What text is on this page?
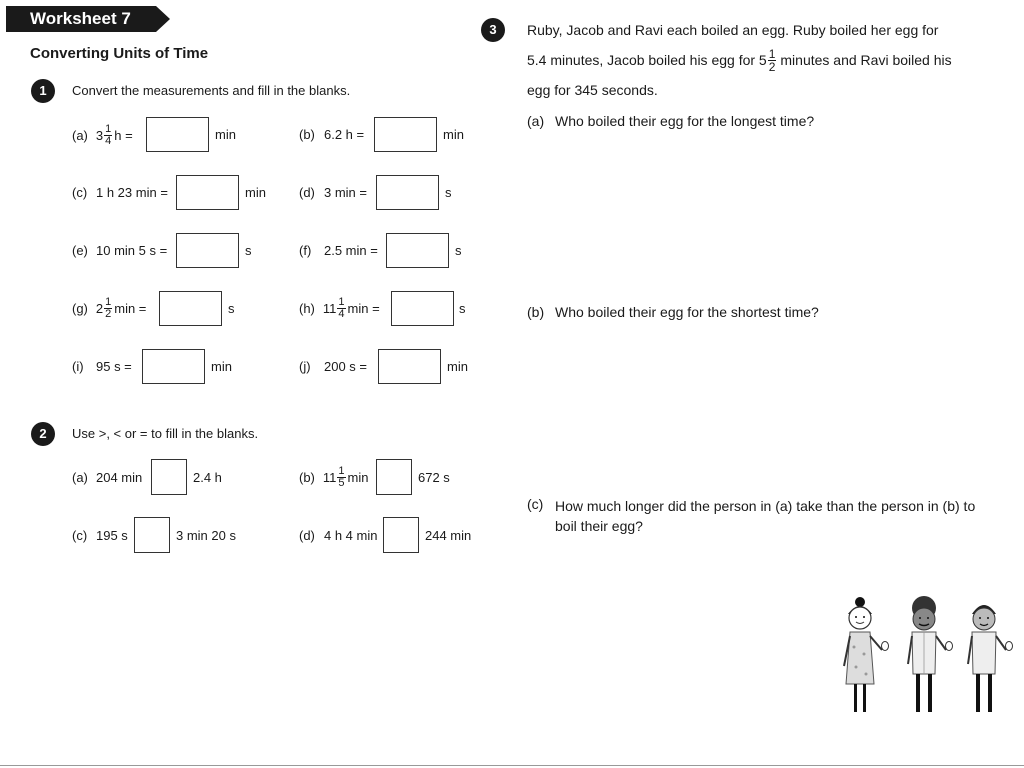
Worksheet 7
Converting Units of Time
1	Convert the measurements and fill in the blanks.
(a) $3 \frac{1}{4}$ h =	min	(b) 6.2 h =	min
(c) 1 h 23 min =	min	(d) 3 min =	s
(e) 10 min 5 s =	s	(f) 2.5 min =	s
(g) $2 \frac{1}{2}$ min =	s	(h) $11 \frac{1}{4}$ min =	s
(i) 95 s =	min	(j) 200 s =	min
2	Use >, < or = to fill in the blanks.
(a) 204 min	2.4 h	(b) $11 \frac{1}{5}$ min	672 s
(c) 195 s	3 min 20 s	(d) 4 h 4 min	244 min
3	Ruby, Jacob and Ravi each boiled an egg. Ruby boiled her egg for
5.4 minutes, Jacob boiled his egg for $5 \frac{1}{2}$ minutes and Ravi boiled his
egg for 345 seconds.
(a) Who boiled their egg for the longest time?
(b) Who boiled their egg for the shortest time?
(c) How much longer did the person in (a) take than the person in (b) to
boil their egg?
